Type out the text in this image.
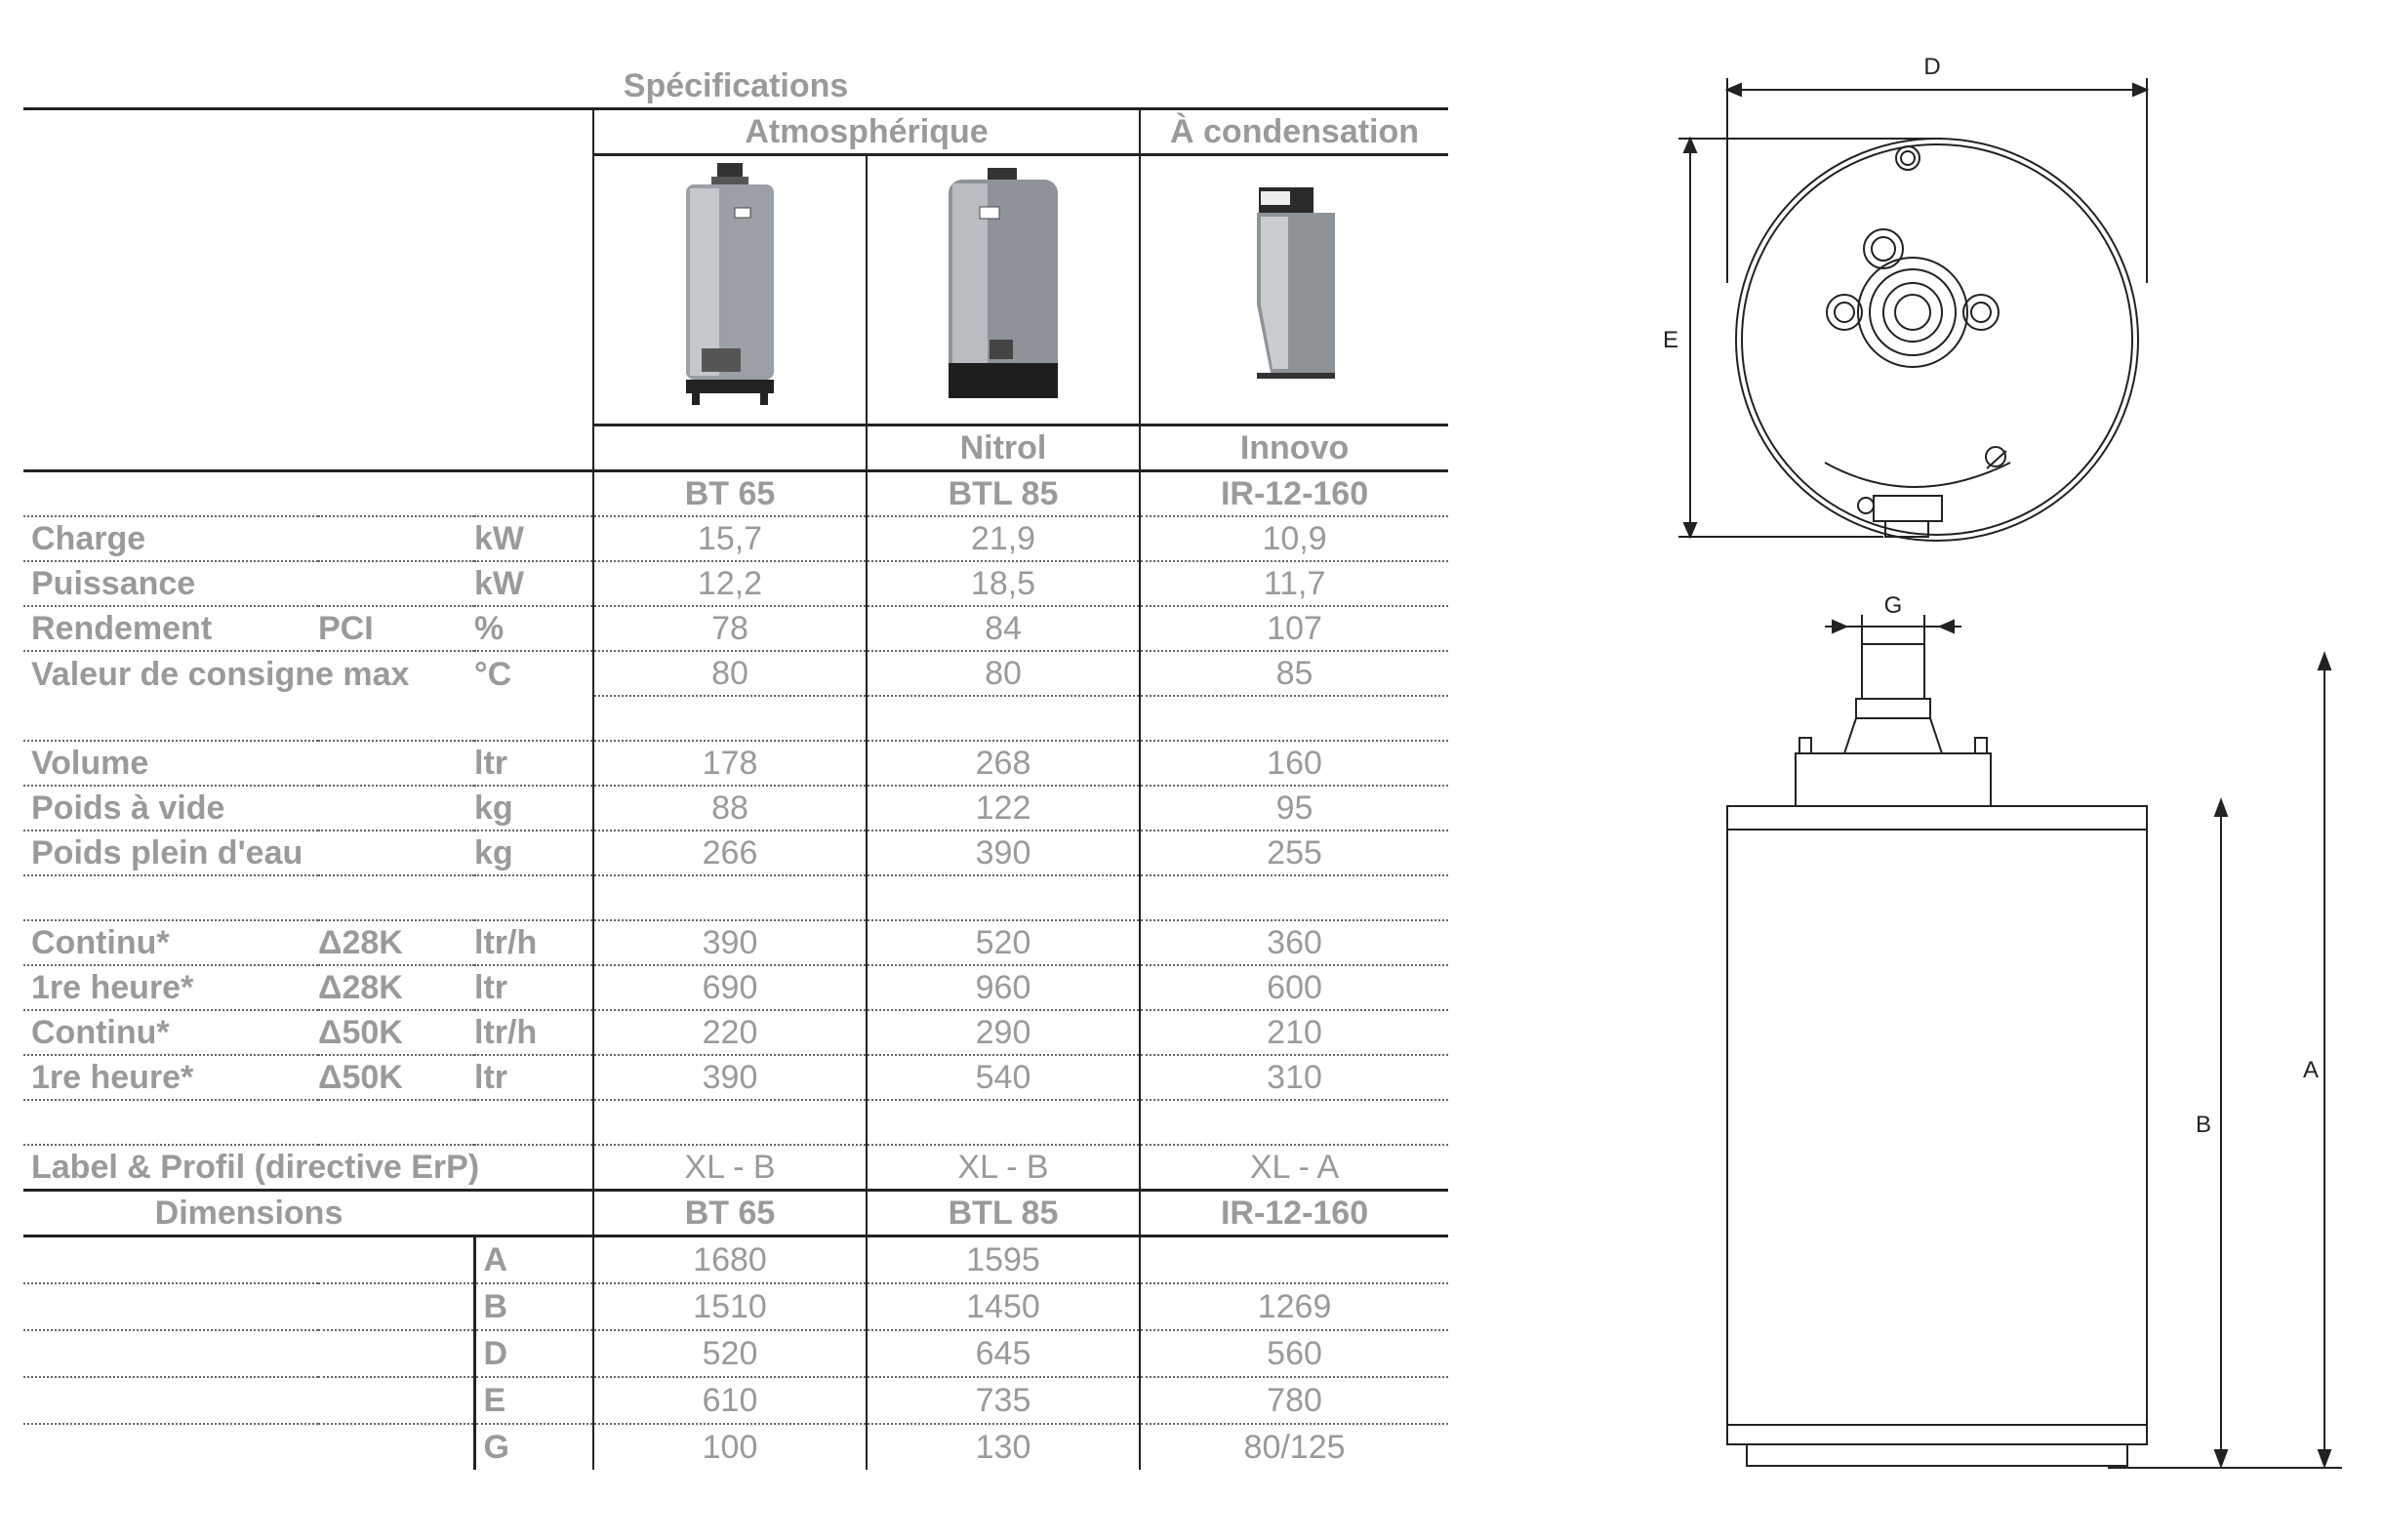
Spécifications					
			Atmosphérique		À condensation

				Nitrol	Innovo
			BT 65	BTL 85	IR-12-160
Charge		kW	15,7	21,9	10,9
Puissance		kW	12,2	18,5	11,7
Rendement	PCI	%	78	84	107
Valeur de consigne max		°C	80	80	85

Volume		ltr	178	268	160
Poids à vide		kg	88	122	95
Poids plein d'eau		kg	266	390	255

Continu*	Δ28K	ltr/h	390	520	360
1re heure*	Δ28K	ltr	690	960	600
Continu*	Δ50K	ltr/h	220	290	210
1re heure*	Δ50K	ltr	390	540	310

Label & Profil (directive ErP)			XL - B	XL - B	XL - A
Dimensions			BT 65	BTL 85	IR-12-160
		A	1680	1595	
		B	1510	1450	1269
		D	520	645	560
		E	610	735	780
		G	100	130	80/125
D
E
G
B
A
